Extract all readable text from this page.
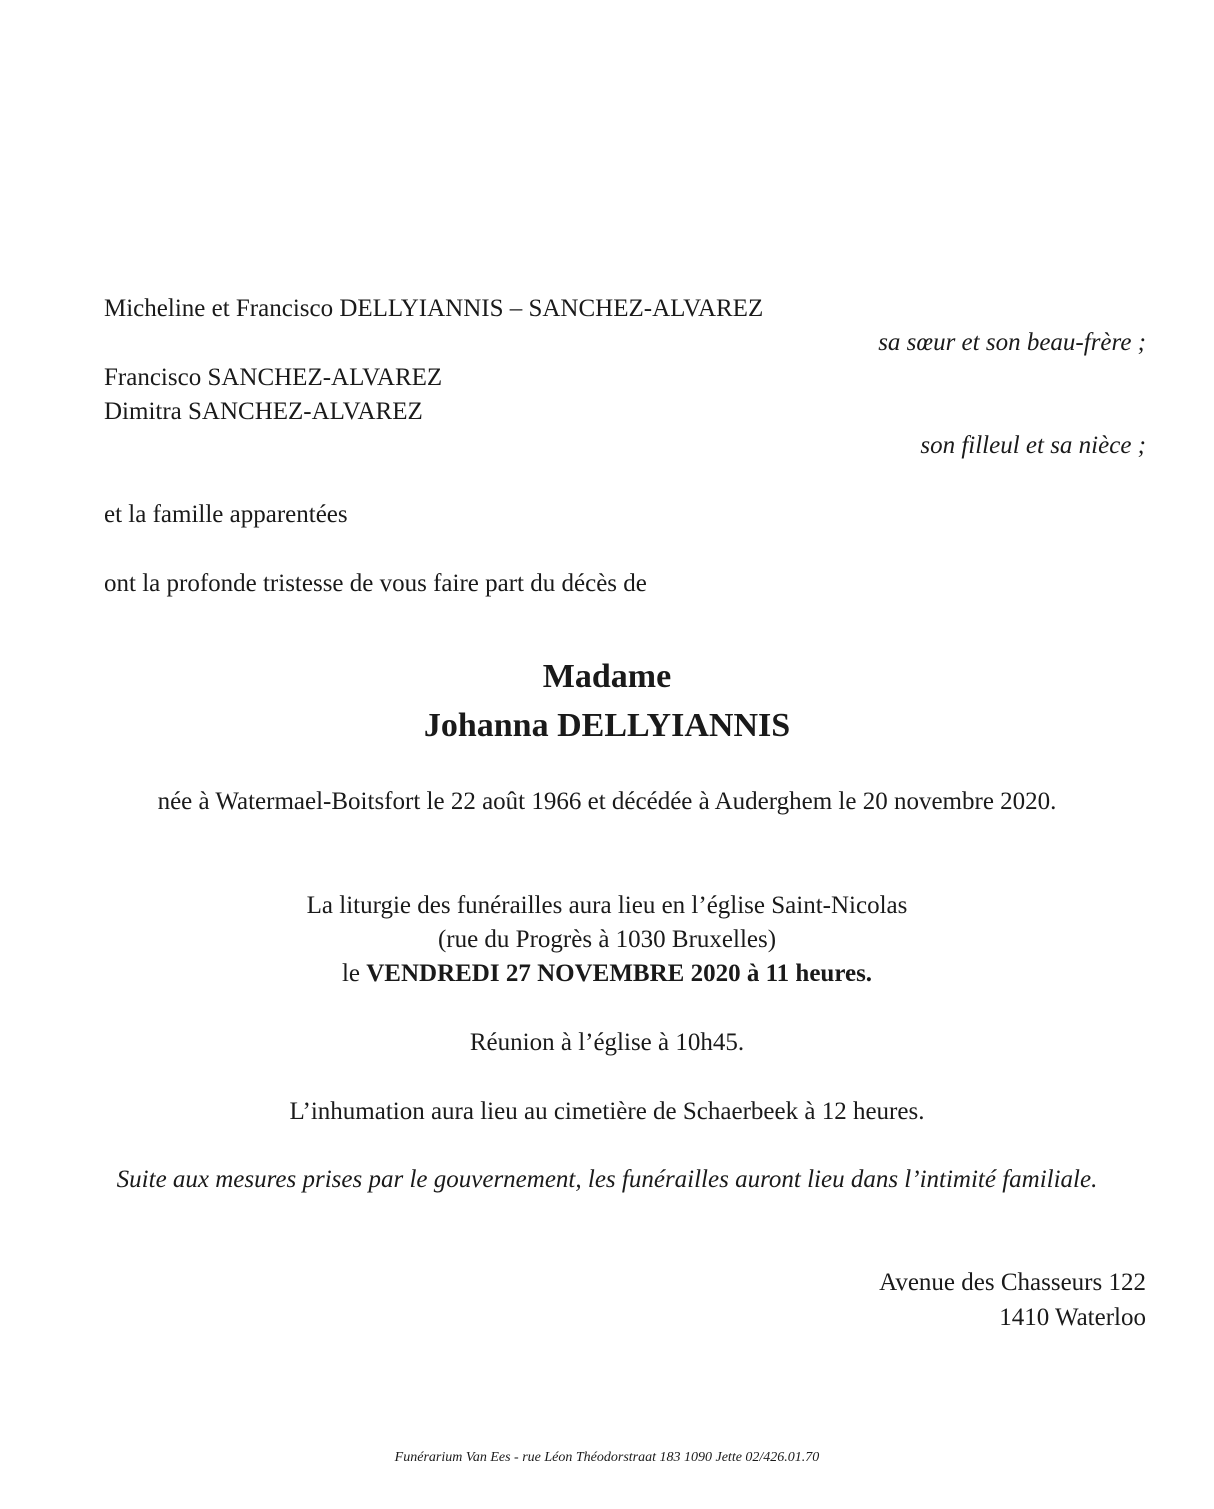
Micheline et Francisco DELLYIANNIS – SANCHEZ-ALVAREZ

sa sœur et son beau-frère ;

Francisco SANCHEZ-ALVAREZ

Dimitra SANCHEZ-ALVAREZ

son filleul et sa nièce ;

et la famille apparentées

ont la profonde tristesse de vous faire part du décès de

Madame

Johanna DELLYIANNIS

née à Watermael-Boitsfort le 22 août 1966 et décédée à Auderghem le 20 novembre 2020.

La liturgie des funérailles aura lieu en l’église Saint-Nicolas

(rue du Progrès à 1030 Bruxelles)

le VENDREDI 27 NOVEMBRE 2020 à 11 heures.

Réunion à l’église à 10h45.

L’inhumation aura lieu au cimetière de Schaerbeek à 12 heures.

Suite aux mesures prises par le gouvernement, les funérailles auront lieu dans l’intimité familiale.

Avenue des Chasseurs 122

1410 Waterloo

Funérarium Van Ees - rue Léon Théodorstraat 183 1090 Jette 02/426.01.70
